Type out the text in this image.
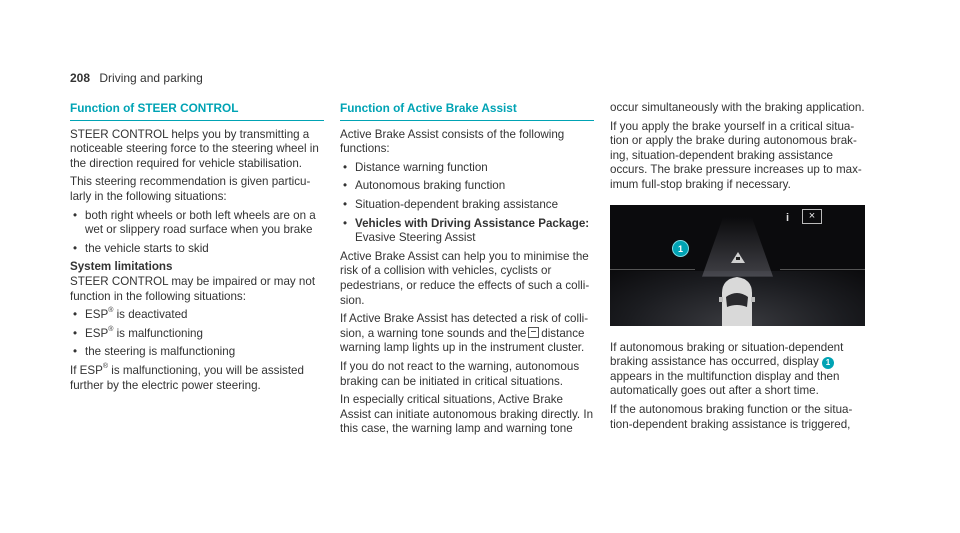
208 Driving and parking
Function of STEER CONTROL

STEER CONTROL helps you by transmitting a noticeable steering force to the steering wheel in the direction required for vehicle stabilisation.

This steering recommendation is given particularly in the following situations:

• both right wheels or both left wheels are on a wet or slippery road surface when you brake
• the vehicle starts to skid
System limitations

STEER CONTROL may be impaired or may not function in the following situations:

• ESP® is deactivated
• ESP® is malfunctioning
• the steering is malfunctioning

If ESP® is malfunctioning, you will be assisted further by the electric power steering.

Function of Active Brake Assist

Active Brake Assist consists of the following functions:

• Distance warning function
• Autonomous braking function
• Situation-dependent braking assistance
• Vehicles with Driving Assistance Package: Evasive Steering Assist

Active Brake Assist can help you to minimise the risk of a collision with vehicles, cyclists or pedestrians, or reduce the effects of such a collision.

If Active Brake Assist has detected a risk of collision, a warning tone sounds and the distance warning lamp lights up in the instrument cluster.

If you do not react to the warning, autonomous braking can be initiated in critical situations.

In especially critical situations, Active Brake Assist can initiate autonomous braking directly. In this case, the warning lamp and warning tone

occur simultaneously with the braking application.

If you apply the brake yourself in a critical situation or apply the brake during autonomous braking, situation-dependent braking assistance occurs. The brake pressure increases up to maximum full-stop braking if necessary.

i	×
1

If autonomous braking or situation-dependent braking assistance has occurred, display 1 appears in the multifunction display and then automatically goes out after a short time.

If the autonomous braking function or the situation-dependent braking assistance is triggered,
